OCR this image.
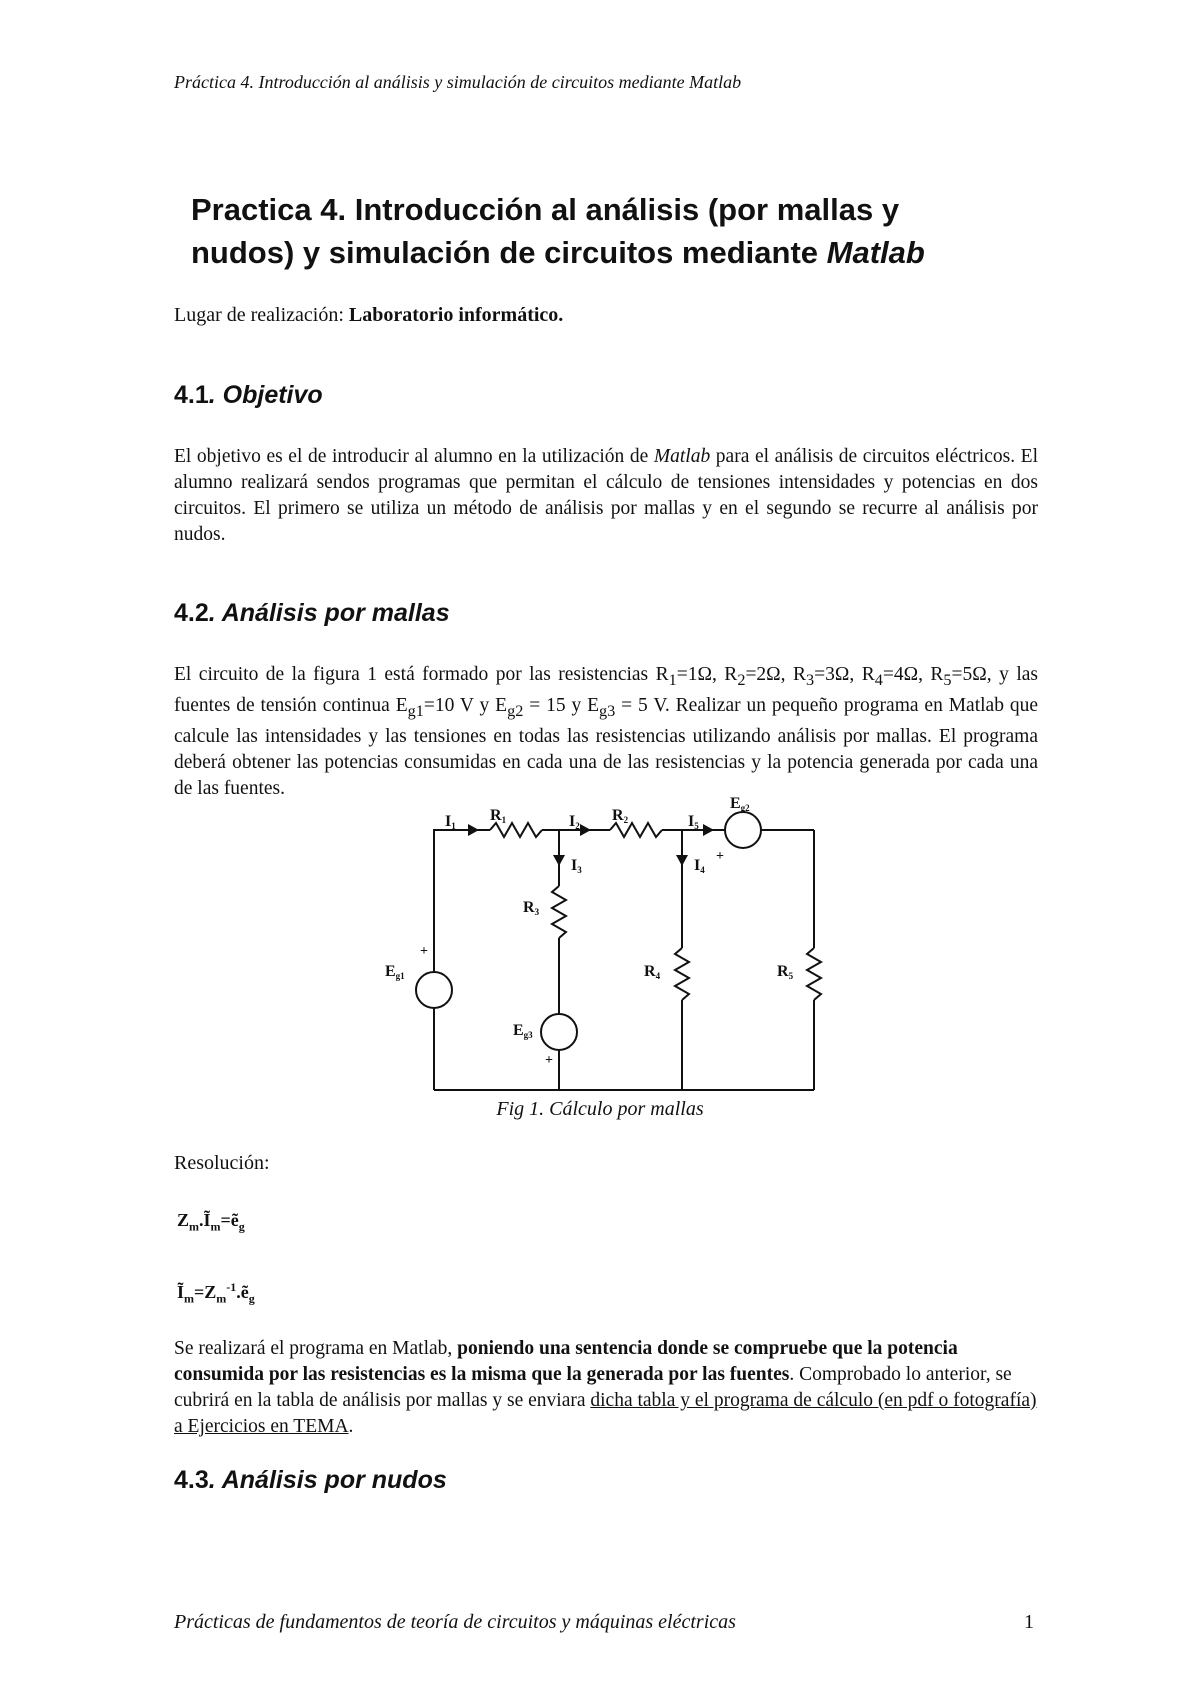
Práctica 4. Introducción al análisis y simulación de circuitos mediante Matlab
Practica 4. Introducción al análisis (por mallas y
nudos) y simulación de circuitos mediante Matlab
Lugar de realización: Laboratorio informático.
4.1. Objetivo
El objetivo es el de introducir al alumno en la utilización de Matlab para el análisis de circuitos eléctricos. El alumno realizará sendos programas que permitan el cálculo de tensiones intensidades y potencias en dos circuitos. El primero se utiliza un método de análisis por mallas y en el segundo se recurre al análisis por nudos.
4.2. Análisis por mallas
El circuito de la figura 1 está formado por las resistencias $R_1=1\Omega$, $R_2=2\Omega$, $R_3=3\Omega$, $R_4=4\Omega$, $R_5=5\Omega$, y las fuentes de tensión continua $E_{g1}=10$ V y $E_{g2} = 15$ y $E_{g3} = 5$ V. Realizar un pequeño programa en Matlab que calcule las intensidades y las tensiones en todas las resistencias utilizando análisis por mallas. El programa deberá obtener las potencias consumidas en cada una de las resistencias y la potencia generada por cada una de las fuentes.
I1
R1	I2
R2	I5
Eg2
+
I3	I4
R3
+
Eg1	R4	R5
Eg3
+
Fig 1. Cálculo por mallas
Resolución:
$Z_m.Ĩ_m=ẽ_g$
$Ĩ_m=Z_m^{-1}.ẽ_g$
Se realizará el programa en Matlab, poniendo una sentencia donde se compruebe que la potencia consumida por las resistencias es la misma que la generada por las fuentes. Comprobado lo anterior, se cubrirá en la tabla de análisis por mallas y se enviara dicha tabla y el programa de cálculo (en pdf o fotografía) a Ejercicios en TEMA.
4.3. Análisis por nudos
Prácticas de fundamentos de teoría de circuitos y máquinas eléctricas	1
